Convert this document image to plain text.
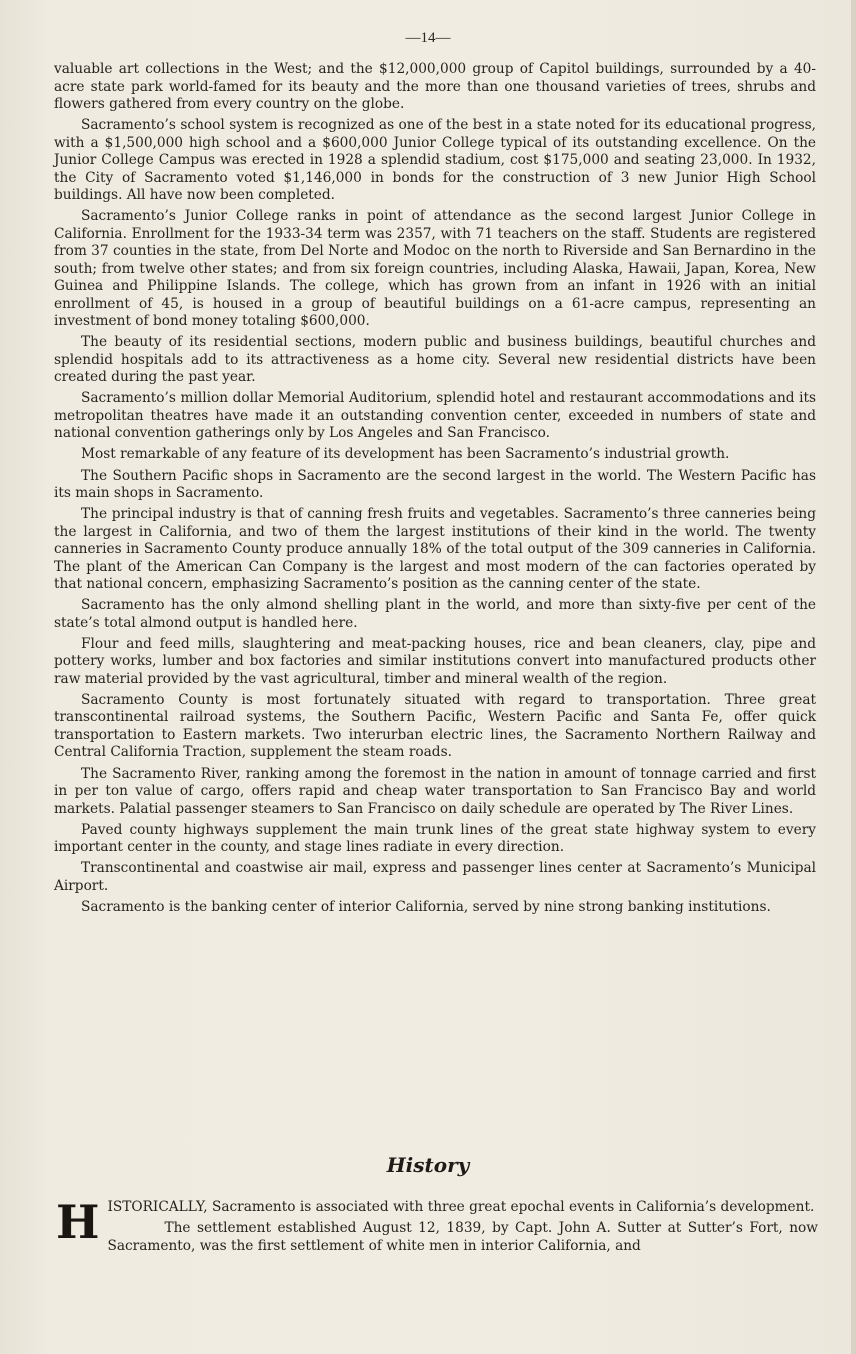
—14—

valuable art collections in the West; and the $12,000,000 group of Capitol buildings, surrounded by a 40-acre state park world-famed for its beauty and the more than one thousand varieties of trees, shrubs and flowers gathered from every country on the globe.

Sacramento’s school system is recognized as one of the best in a state noted for its educational progress, with a $1,500,000 high school and a $600,000 Junior College typical of its outstanding excellence. On the Junior College Campus was erected in 1928 a splendid stadium, cost $175,000 and seating 23,000. In 1932, the City of Sacramento voted $1,146,000 in bonds for the construction of 3 new Junior High School buildings. All have now been completed.

Sacramento’s Junior College ranks in point of attendance as the second largest Junior College in California. Enrollment for the 1933-34 term was 2357, with 71 teachers on the staff. Students are registered from 37 counties in the state, from Del Norte and Modoc on the north to Riverside and San Bernardino in the south; from twelve other states; and from six foreign countries, including Alaska, Hawaii, Japan, Korea, New Guinea and Philippine Islands. The college, which has grown from an infant in 1926 with an initial enrollment of 45, is housed in a group of beautiful buildings on a 61-acre campus, representing an investment of bond money totaling $600,000.

The beauty of its residential sections, modern public and business buildings, beautiful churches and splendid hospitals add to its attractiveness as a home city. Several new residential districts have been created during the past year.

Sacramento’s million dollar Memorial Auditorium, splendid hotel and restaurant accommodations and its metropolitan theatres have made it an outstanding convention center, exceeded in numbers of state and national convention gatherings only by Los Angeles and San Francisco.

Most remarkable of any feature of its development has been Sacramento’s industrial growth.

The Southern Pacific shops in Sacramento are the second largest in the world. The Western Pacific has its main shops in Sacramento.

The principal industry is that of canning fresh fruits and vegetables. Sacramento’s three canneries being the largest in California, and two of them the largest institutions of their kind in the world. The twenty canneries in Sacramento County produce annually 18% of the total output of the 309 canneries in California. The plant of the American Can Company is the largest and most modern of the can factories operated by that national concern, emphasizing Sacramento’s position as the canning center of the state.

Sacramento has the only almond shelling plant in the world, and more than sixty-five per cent of the state’s total almond output is handled here.

Flour and feed mills, slaughtering and meat-packing houses, rice and bean cleaners, clay, pipe and pottery works, lumber and box factories and similar institutions convert into manufactured products other raw material provided by the vast agricultural, timber and mineral wealth of the region.

Sacramento County is most fortunately situated with regard to transportation. Three great transcontinental railroad systems, the Southern Pacific, Western Pacific and Santa Fe, offer quick transportation to Eastern markets. Two interurban electric lines, the Sacramento Northern Railway and Central California Traction, supplement the steam roads.

The Sacramento River, ranking among the foremost in the nation in amount of tonnage carried and first in per ton value of cargo, offers rapid and cheap water transportation to San Francisco Bay and world markets. Palatial passenger steamers to San Francisco on daily schedule are operated by The River Lines.

Paved county highways supplement the main trunk lines of the great state highway system to every important center in the county, and stage lines radiate in every direction.

Transcontinental and coastwise air mail, express and passenger lines center at Sacramento’s Municipal Airport.

Sacramento is the banking center of interior California, served by nine strong banking institutions.

History
H ISTORICALLY, Sacramento is associated with three great epochal events in California’s development.

The settlement established August 12, 1839, by Capt. John A. Sutter at Sutter’s Fort, now Sacramento, was the first settlement of white men in interior California, and
